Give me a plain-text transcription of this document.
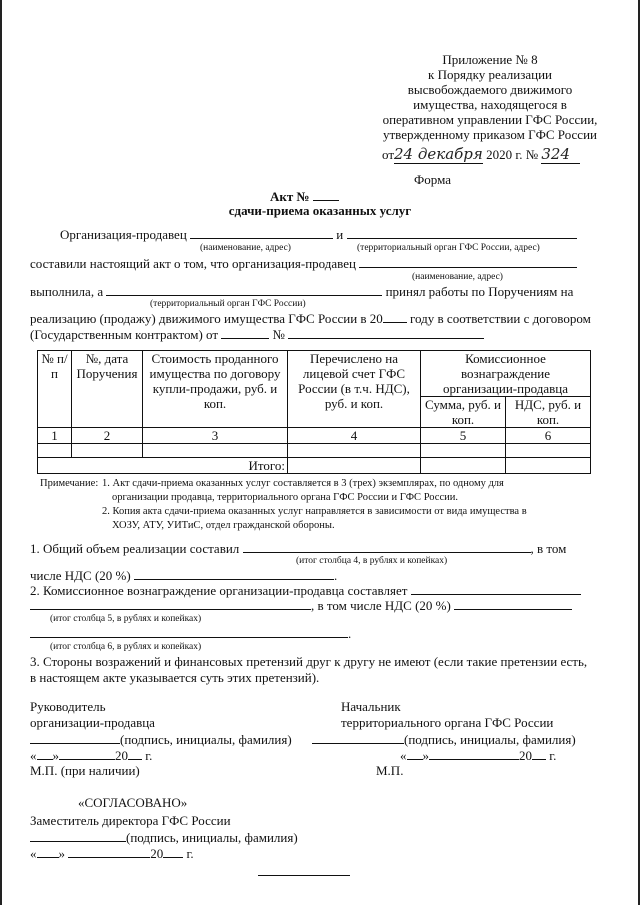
Приложение № 8
к Порядку реализации
высвобождаемого движимого
имущества, находящегося в
оперативном управлении ГФС России,
утвержденному приказом ГФС России
от24 декабря 2020 г. № 324
Форма
Акт №
сдачи-приема оказанных услуг
Организация-продавец	и
(наименование, адрес)	(территориальный орган ГФС России, адрес)
составили настоящий акт о том, что организация-продавец
(наименование, адрес)
выполнила, а	принял работы по Поручениям на
(территориальный орган ГФС России)
реализацию (продажу) движимого имущества ГФС России в 20 году в соответствии с договором
(Государственным контрактом) от	№
№ п/п	№, дата Поручения	Стоимость проданного имущества по договору купли-продажи, руб. и коп.	Перечислено на лицевой счет ГФС России (в т.ч. НДС), руб. и коп.	Комиссионное вознаграждение организации-продавца	
				Сумма, руб. и коп.	НДС, руб. и коп.
1	2	3	4	5	6

Итого:					
Примечание: 1. Акт сдачи-приема оказанных услуг составляется в 3 (трех) экземплярах, по одному для
организации продавца, территориального органа ГФС России и ГФС России.
2. Копия акта сдачи-приема оказанных услуг направляется в зависимости от вида имущества в
ХОЗУ, АТУ, УИТиС, отдел гражданской обороны.
1. Общий объем реализации составил	, в том
(итог столбца 4, в рублях и копейках)
числе НДС (20 %)	.
2. Комиссионное вознаграждение организации-продавца составляет
, в том числе НДС (20 %)
(итог столбца 5, в рублях и копейках)
.
(итог столбца 6, в рублях и копейках)
3. Стороны возражений и финансовых претензий друг к другу не имеют (если такие претензии есть,
в настоящем акте указывается суть этих претензий).
Руководитель
организации-продавца
(подпись, инициалы, фамилия)
« »	20 г.
М.П. (при наличии)
Начальник
территориального органа ГФС России
(подпись, инициалы, фамилия)
« »	20 г.
М.П.
«СОГЛАСОВАНО»
Заместитель директора ГФС России
(подпись, инициалы, фамилия)
« »	20 г.
